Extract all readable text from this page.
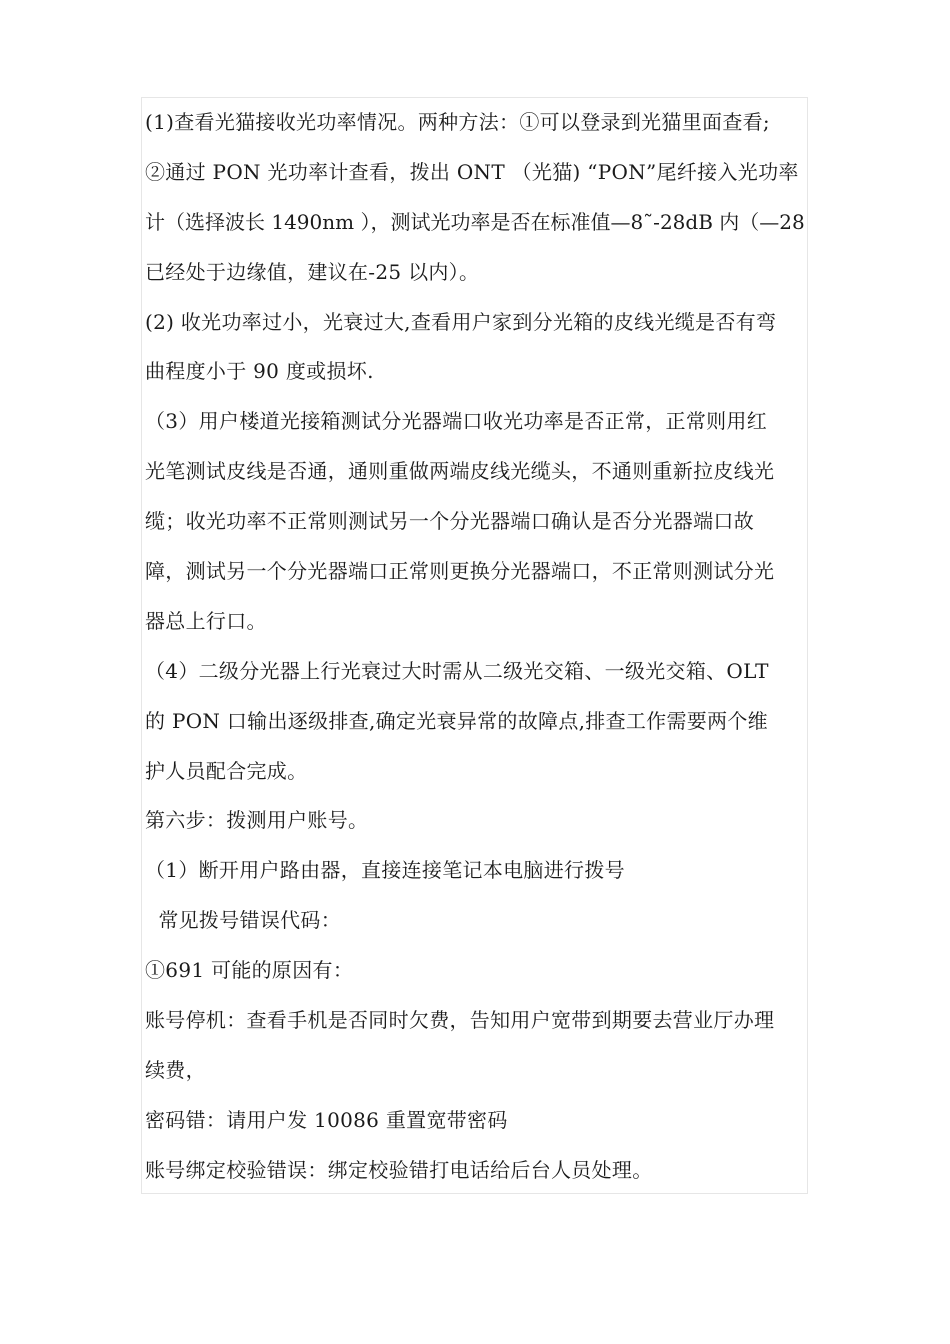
(1)查看光猫接收光功率情况。两种方法：①可以登录到光猫里面查看;
②通过 PON 光功率计查看，拨出 ONT （光猫) “PON”尾纤接入光功率
计（选择波长 1490nm ），测试光功率是否在标准值—8˜-28dB 内（—28
已经处于边缘值，建议在-25 以内）。
(2) 收光功率过小，光衰过大,查看用户家到分光箱的皮线光缆是否有弯
曲程度小于 90 度或损坏.
（3）用户楼道光接箱测试分光器端口收光功率是否正常，正常则用红
光笔测试皮线是否通，通则重做两端皮线光缆头，不通则重新拉皮线光
缆；收光功率不正常则测试另一个分光器端口确认是否分光器端口故
障，测试另一个分光器端口正常则更换分光器端口，不正常则测试分光
器总上行口。
（4）二级分光器上行光衰过大时需从二级光交箱、一级光交箱、OLT
的 PON 口输出逐级排查,确定光衰异常的故障点,排查工作需要两个维
护人员配合完成。
第六步：拨测用户账号。
（1）断开用户路由器，直接连接笔记本电脑进行拨号
常见拨号错误代码：
①691 可能的原因有：
账号停机：查看手机是否同时欠费，告知用户宽带到期要去营业厅办理
续费，
密码错：请用户发 10086 重置宽带密码
账号绑定校验错误：绑定校验错打电话给后台人员处理。
